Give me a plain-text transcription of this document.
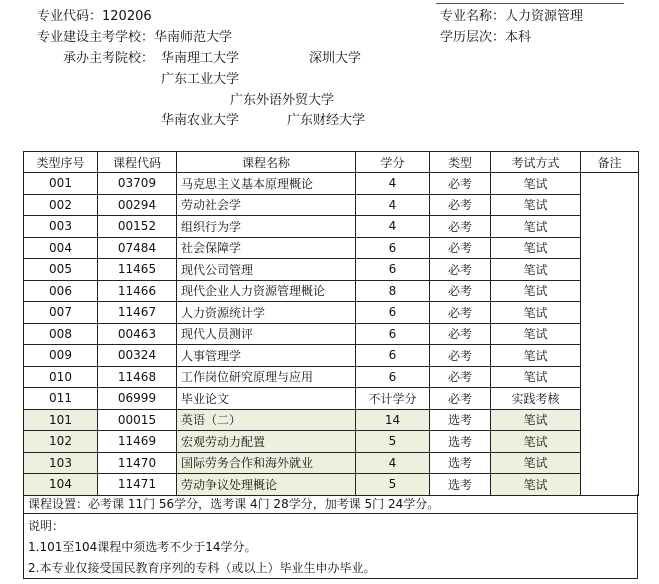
专业代码：120206	专业名称：人力资源管理
专业建设主考学校：华南师范大学	学历层次：本科
承办主考院校： 华南理工大学	深圳大学
广东工业大学
广东外语外贸大学
华南农业大学	广东财经大学
类型序号	课程代码	课程名称	学分	类型	考试方式	备注
001	03709	马克思主义基本原理概论	4	必考	笔试	
002	00294	劳动社会学	4	必考	笔试	
003	00152	组织行为学	4	必考	笔试	
004	07484	社会保障学	6	必考	笔试	
005	11465	现代公司管理	6	必考	笔试	
006	11466	现代企业人力资源管理概论	8	必考	笔试	
007	11467	人力资源统计学	6	必考	笔试	
008	00463	现代人员测评	6	必考	笔试	
009	00324	人事管理学	6	必考	笔试	
010	11468	工作岗位研究原理与应用	6	必考	笔试	
011	06999	毕业论文	不计学分	必考	实践考核	
101	00015	英语（二）	14	选考	笔试	
102	11469	宏观劳动力配置	5	选考	笔试	
103	11470	国际劳务合作和海外就业	4	选考	笔试	
104	11471	劳动争议处理概论	5	选考	笔试	
课程设置：必考课 11门 56学分，选考课 4门 28学分，加考课 5门 24学分。
说明：
1.101至104课程中须选考不少于14学分。
2.本专业仅接受国民教育序列的专科（或以上）毕业生申办毕业。
